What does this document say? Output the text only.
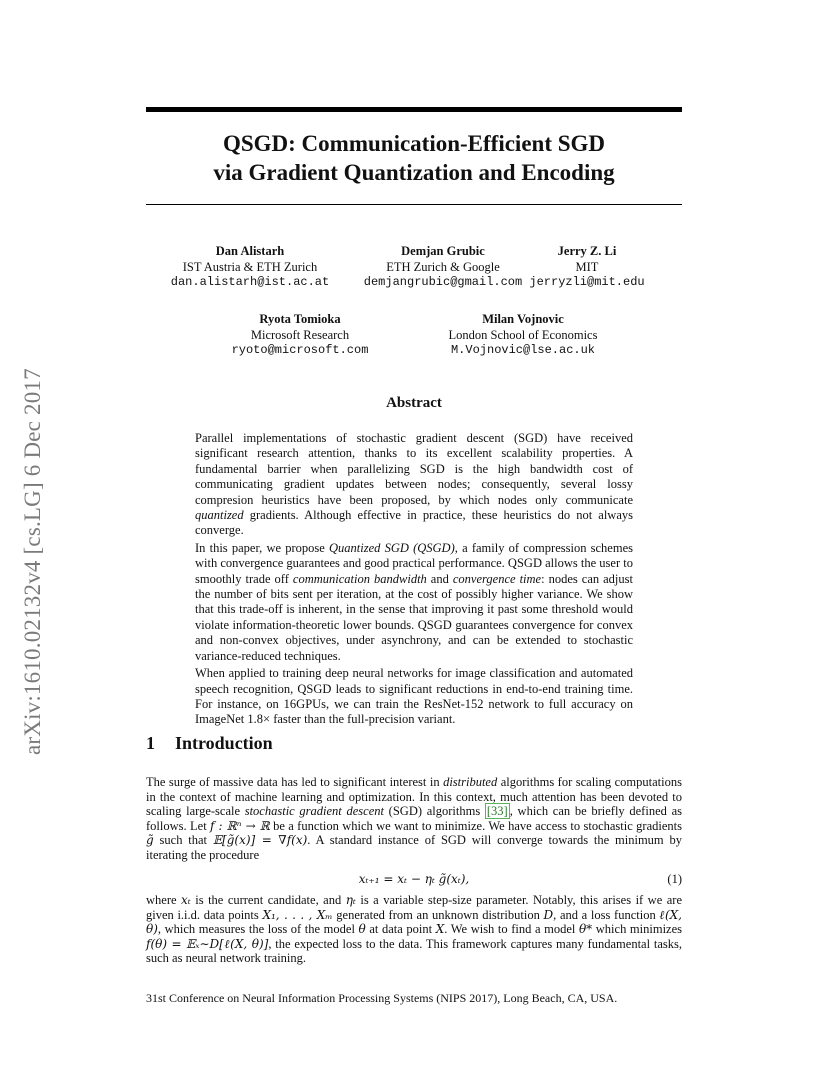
arXiv:1610.02132v4 [cs.LG] 6 Dec 2017
QSGD: Communication-Efficient SGD
via Gradient Quantization and Encoding
Dan Alistarh
IST Austria & ETH Zurich
dan.alistarh@ist.ac.at
Demjan Grubic
ETH Zurich & Google
demjangrubic@gmail.com
Jerry Z. Li
MIT
jerryzli@mit.edu
Ryota Tomioka
Microsoft Research
ryoto@microsoft.com
Milan Vojnovic
London School of Economics
M.Vojnovic@lse.ac.uk
Abstract

Parallel implementations of stochastic gradient descent (SGD) have received significant research attention, thanks to its excellent scalability properties. A fundamental barrier when parallelizing SGD is the high bandwidth cost of communicating gradient updates between nodes; consequently, several lossy compresion heuristics have been proposed, by which nodes only communicate quantized gradients. Although effective in practice, these heuristics do not always converge.

In this paper, we propose Quantized SGD (QSGD), a family of compression schemes with convergence guarantees and good practical performance. QSGD allows the user to smoothly trade off communication bandwidth and convergence time: nodes can adjust the number of bits sent per iteration, at the cost of possibly higher variance. We show that this trade-off is inherent, in the sense that improving it past some threshold would violate information-theoretic lower bounds. QSGD guarantees convergence for convex and non-convex objectives, under asynchrony, and can be extended to stochastic variance-reduced techniques.

When applied to training deep neural networks for image classification and automated speech recognition, QSGD leads to significant reductions in end-to-end training time. For instance, on 16GPUs, we can train the ResNet-152 network to full accuracy on ImageNet 1.8× faster than the full-precision variant.

1 Introduction
The surge of massive data has led to significant interest in distributed algorithms for scaling computations in the context of machine learning and optimization. In this context, much attention has been devoted to scaling large-scale stochastic gradient descent (SGD) algorithms [33] , which can be briefly defined as follows. Let f : ℝⁿ → ℝ be a function which we want to minimize. We have access to stochastic gradients g̃ such that 𝔼[g̃(x)] = ∇f(x). A standard instance of SGD will converge towards the minimum by iterating the procedure
xₜ₊₁ = xₜ − ηₜ g̃(xₜ),	(1)
where xₜ is the current candidate, and ηₜ is a variable step-size parameter. Notably, this arises if we are given i.i.d. data points X₁, . . . , Xₘ generated from an unknown distribution D, and a loss function ℓ(X, θ), which measures the loss of the model θ at data point X. We wish to find a model θ* which minimizes f(θ) = 𝔼ₓ∼D[ℓ(X, θ)], the expected loss to the data. This framework captures many fundamental tasks, such as neural network training.
31st Conference on Neural Information Processing Systems (NIPS 2017), Long Beach, CA, USA.
